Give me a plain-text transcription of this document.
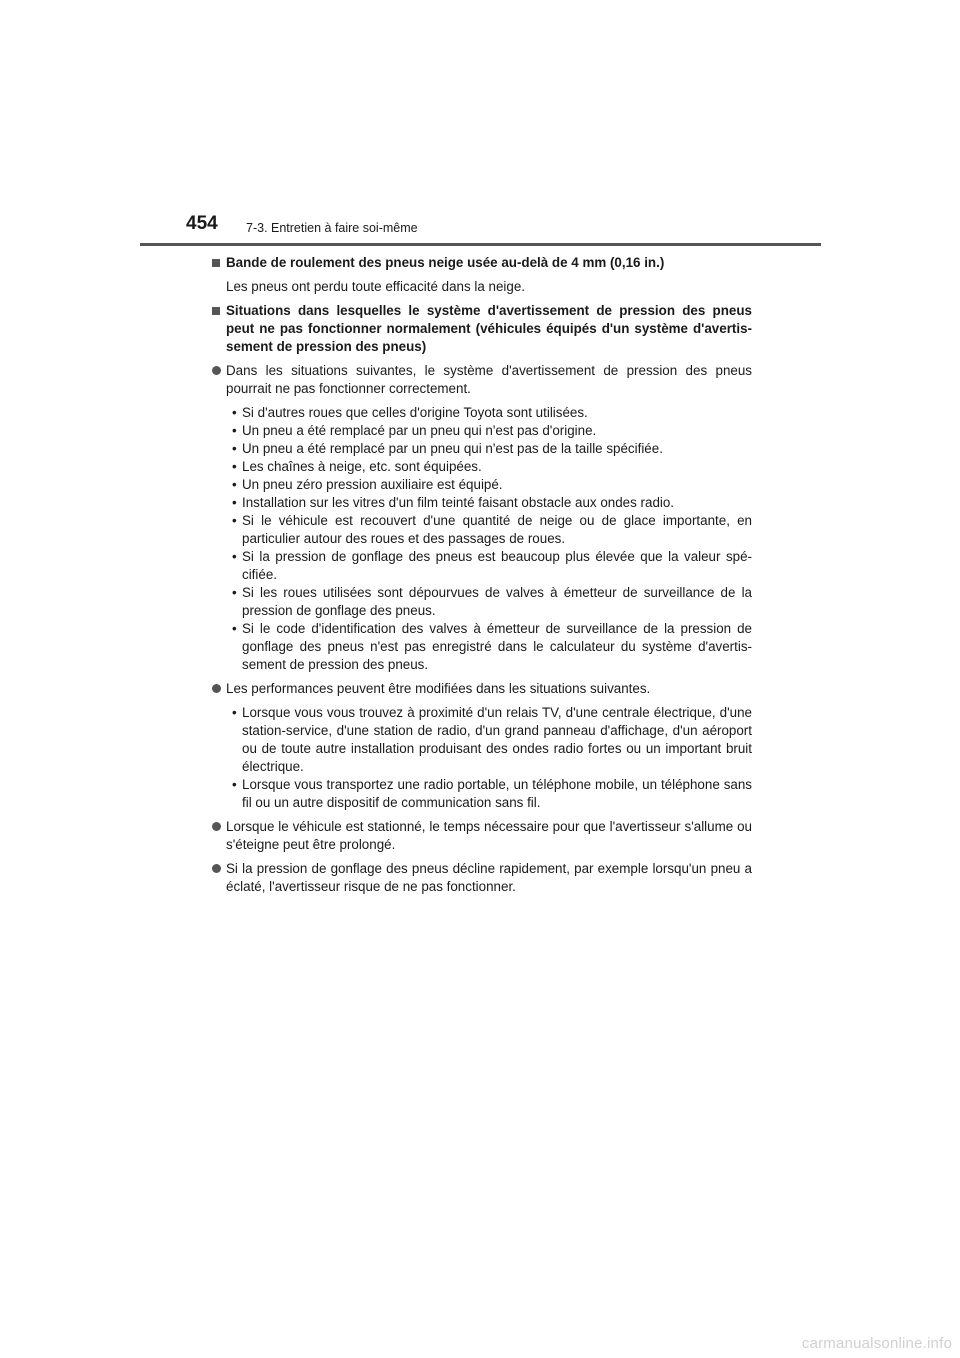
454 7-3. Entretien à faire soi-même
Bande de roulement des pneus neige usée au-delà de 4 mm (0,16 in.)
Les pneus ont perdu toute efficacité dans la neige.
Situations dans lesquelles le système d'avertissement de pression des pneus peut ne pas fonctionner normalement (véhicules équipés d'un système d'avertis-sement de pression des pneus)
Dans les situations suivantes, le système d'avertissement de pression des pneus pourrait ne pas fonctionner correctement.
• Si d'autres roues que celles d'origine Toyota sont utilisées.
• Un pneu a été remplacé par un pneu qui n'est pas d'origine.
• Un pneu a été remplacé par un pneu qui n'est pas de la taille spécifiée.
• Les chaînes à neige, etc. sont équipées.
• Un pneu zéro pression auxiliaire est équipé.
• Installation sur les vitres d'un film teinté faisant obstacle aux ondes radio.
• Si le véhicule est recouvert d'une quantité de neige ou de glace importante, en particulier autour des roues et des passages de roues.
• Si la pression de gonflage des pneus est beaucoup plus élevée que la valeur spé-cifiée.
• Si les roues utilisées sont dépourvues de valves à émetteur de surveillance de la pression de gonflage des pneus.
• Si le code d'identification des valves à émetteur de surveillance de la pression de gonflage des pneus n'est pas enregistré dans le calculateur du système d'avertis-sement de pression des pneus.
Les performances peuvent être modifiées dans les situations suivantes.
• Lorsque vous vous trouvez à proximité d'un relais TV, d'une centrale électrique, d'une station-service, d'une station de radio, d'un grand panneau d'affichage, d'un aéroport ou de toute autre installation produisant des ondes radio fortes ou un important bruit électrique.
• Lorsque vous transportez une radio portable, un téléphone mobile, un téléphone sans fil ou un autre dispositif de communication sans fil.
Lorsque le véhicule est stationné, le temps nécessaire pour que l'avertisseur s'allume ou s'éteigne peut être prolongé.
Si la pression de gonflage des pneus décline rapidement, par exemple lorsqu'un pneu a éclaté, l'avertisseur risque de ne pas fonctionner.
carmanualsonline.info
